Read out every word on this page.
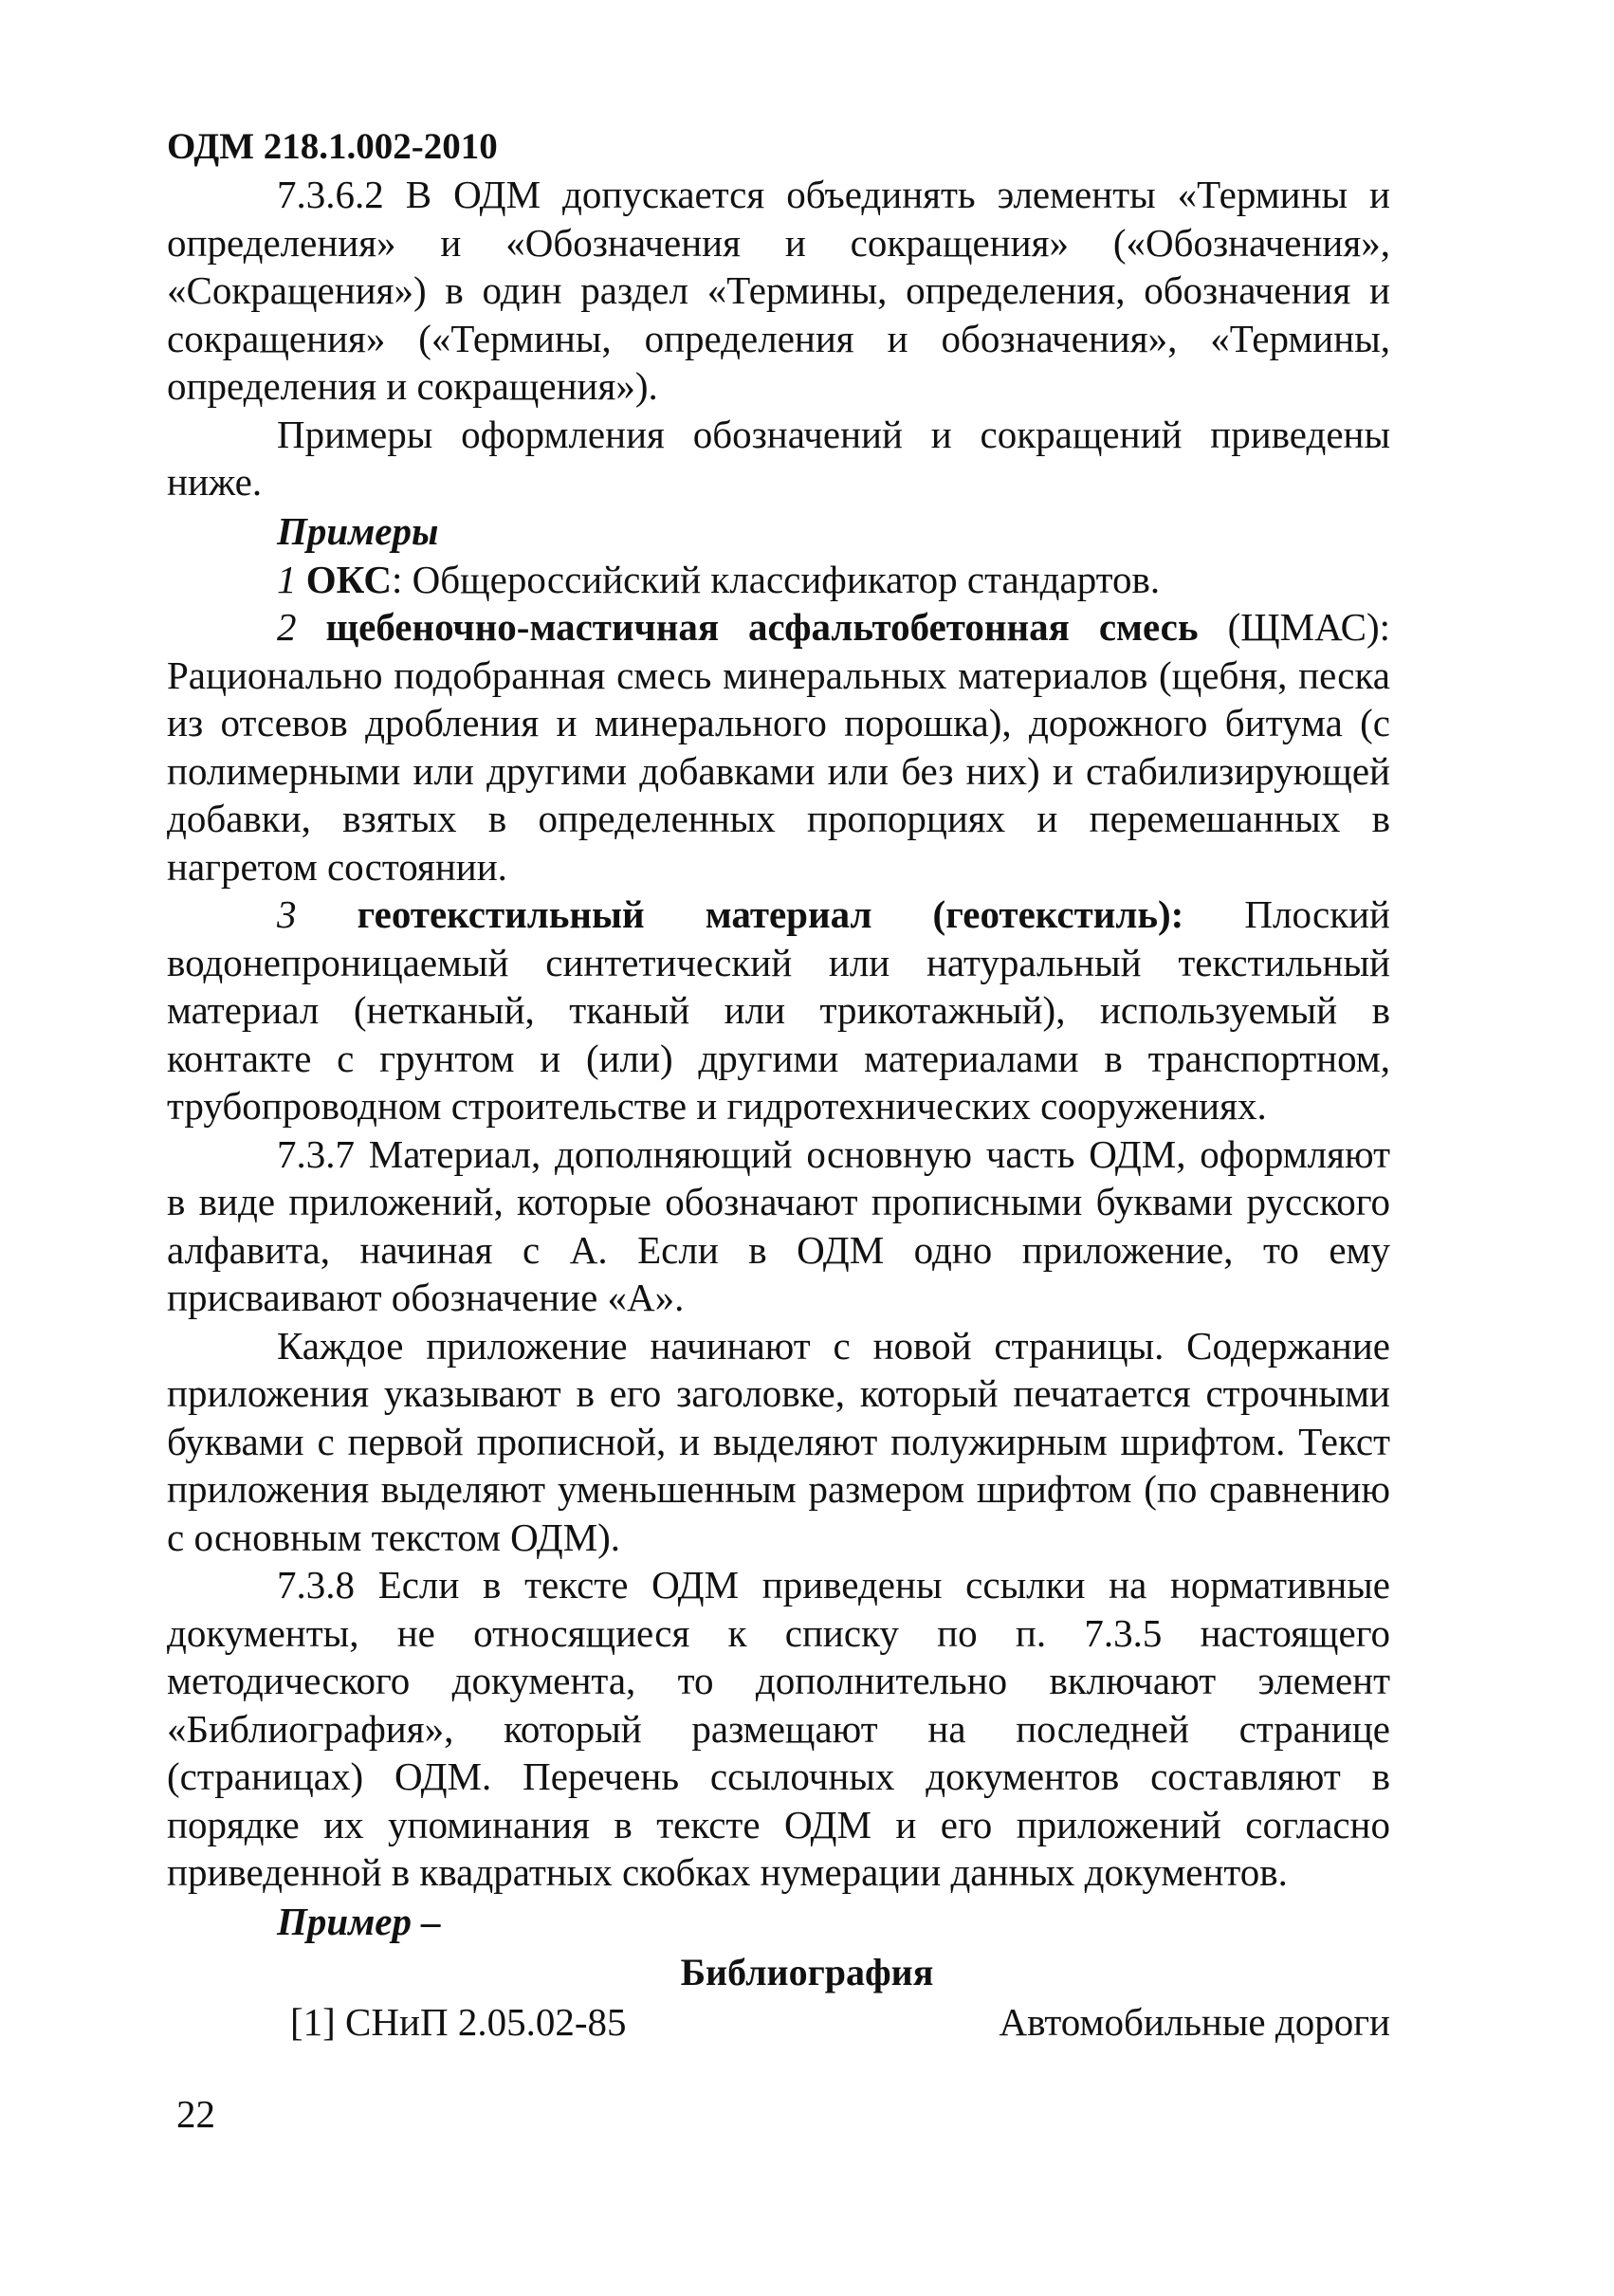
ОДМ 218.1.002-2010

7.3.6.2 В ОДМ допускается объединять элементы «Термины и определения» и «Обозначения и сокращения» («Обозначения», «Сокращения») в один раздел «Термины, определения, обозначения и сокращения» («Термины, определения и обозначения», «Термины, определения и сокращения»).

Примеры оформления обозначений и сокращений приведены ниже.

Примеры

1 ОКС: Общероссийский классификатор стандартов.

2 щебеночно-мастичная асфальтобетонная смесь (ЩМАС): Рационально подобранная смесь минеральных материалов (щебня, песка из отсевов дробления и минерального порошка), дорожного битума (с полимерными или другими добавками или без них) и стабилизирующей добавки, взятых в определенных пропорциях и перемешанных в нагретом состоянии.

3 геотекстильный материал (геотекстиль): Плоский водонепроницаемый синтетический или натуральный текстильный материал (нетканый, тканый или трикотажный), используемый в контакте с грунтом и (или) другими материалами в транспортном, трубопроводном строительстве и гидротехнических сооружениях.

7.3.7 Материал, дополняющий основную часть ОДМ, оформляют в виде приложений, которые обозначают прописными буквами русского алфавита, начиная с А. Если в ОДМ одно приложение, то ему присваивают обозначение «А».

Каждое приложение начинают с новой страницы. Содержание приложения указывают в его заголовке, который печатается строчными буквами с первой прописной, и выделяют полужирным шрифтом. Текст приложения выделяют уменьшенным размером шрифтом (по сравнению с основным текстом ОДМ).

7.3.8 Если в тексте ОДМ приведены ссылки на нормативные документы, не относящиеся к списку по п. 7.3.5 настоящего методического документа, то дополнительно включают элемент «Библиография», который размещают на последней странице (страницах) ОДМ. Перечень ссылочных документов составляют в порядке их упоминания в тексте ОДМ и его приложений согласно приведенной в квадратных скобках нумерации данных документов.

Пример –

Библиография

[1] СНиП 2.05.02-85	Автомобильные дороги

22
